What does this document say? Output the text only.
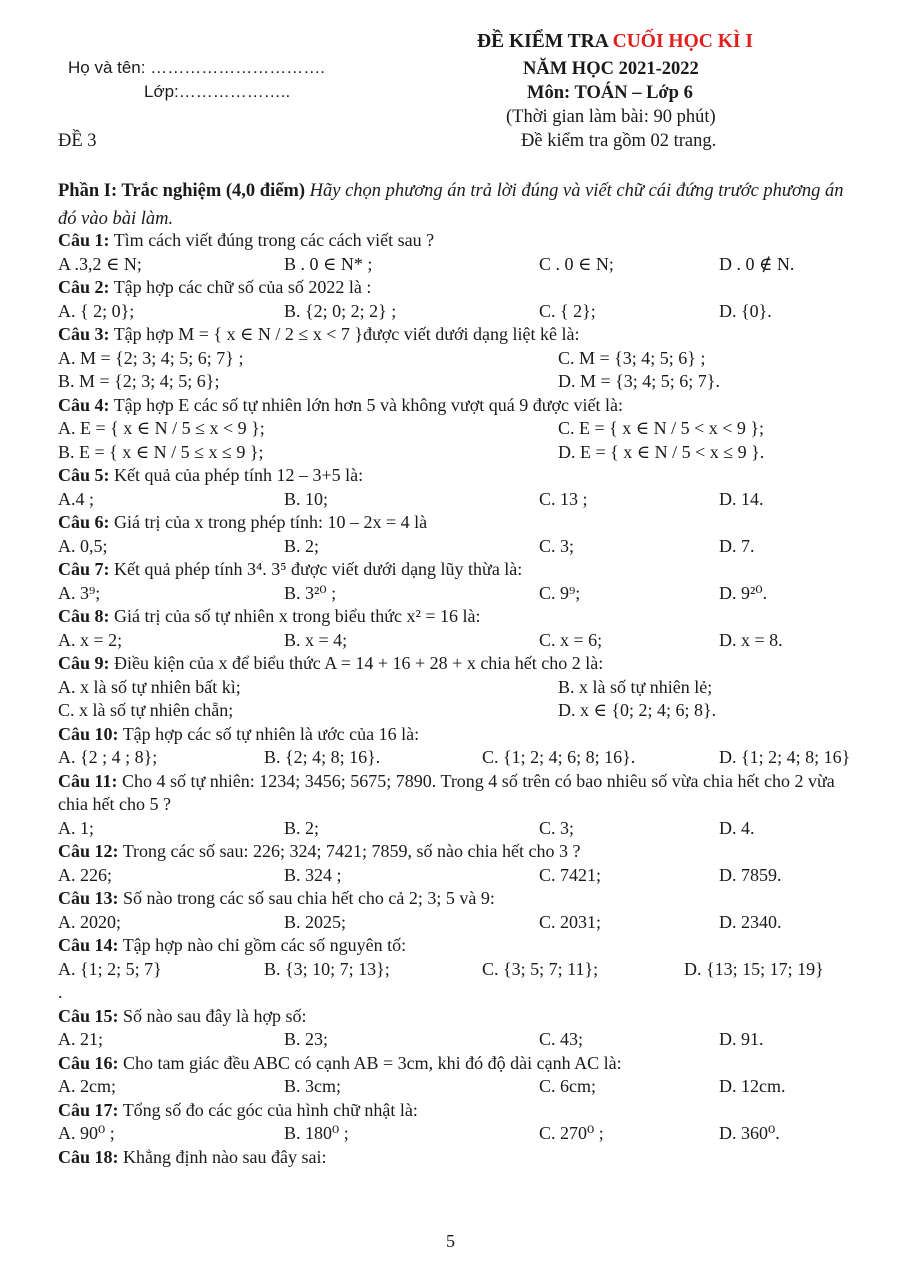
ĐỀ KIỂM TRA CUỐI HỌC KÌ I
NĂM HỌC 2021-2022
Môn: TOÁN – Lớp 6
(Thời gian làm bài: 90 phút)
Đề kiểm tra gồm 02 trang.
Họ và tên: ………………………….
Lớp:………………..
ĐỀ 3
Phần I: Trắc nghiệm (4,0 điểm) Hãy chọn phương án trả lời đúng và viết chữ cái đứng trước phương án đó vào bài làm.
Câu 1: Tìm cách viết đúng trong các cách viết sau ?
A .3,2 ∈ N;	B . 0 ∈ N* ;	C . 0 ∈ N;	D . 0 ∉ N.
Câu 2: Tập hợp các chữ số của số 2022 là :
A. { 2; 0};	B. {2; 0; 2; 2} ;	C. { 2};	D. {0}.
Câu 3: Tập hợp M = { x ∈ N / 2 ≤ x < 7 }được viết dưới dạng liệt kê là:
A. M = {2; 3; 4; 5; 6; 7} ;	C. M = {3; 4; 5; 6} ;
B. M = {2; 3; 4; 5; 6};	D. M = {3; 4; 5; 6; 7}.
Câu 4: Tập hợp E các số tự nhiên lớn hơn 5 và không vượt quá 9 được viết là:
A. E = { x ∈ N / 5 ≤ x < 9 };	C. E = { x ∈ N / 5 < x < 9 };
B. E = { x ∈ N / 5 ≤ x ≤ 9 };	D. E = { x ∈ N / 5 < x ≤ 9 }.
Câu 5: Kết quả của phép tính 12 – 3+5 là:
A.4 ;	B. 10;	C. 13 ;	D. 14.
Câu 6: Giá trị của x trong phép tính: 10 – 2x = 4 là
A. 0,5;	B. 2;	C. 3;	D. 7.
Câu 7: Kết quả phép tính 3⁴. 3⁵ được viết dưới dạng lũy thừa là:
A. 3⁹;	B. 3²⁰ ;	C. 9⁹;	D. 9²⁰.
Câu 8: Giá trị của số tự nhiên x trong biểu thức x² = 16 là:
A. x = 2;	B. x = 4;	C. x = 6;	D. x = 8.
Câu 9: Điều kiện của x để biểu thức A = 14 + 16 + 28 + x chia hết cho 2 là:
A. x là số tự nhiên bất kì;	B. x là số tự nhiên lẻ;
C. x là số tự nhiên chẵn;	D. x ∈ {0; 2; 4; 6; 8}.
Câu 10: Tập hợp các số tự nhiên là ước của 16 là:
A. {2 ; 4 ; 8};	B. {2; 4; 8; 16}.	C. {1; 2; 4; 6; 8; 16}.	D. {1; 2; 4; 8; 16}
Câu 11: Cho 4 số tự nhiên: 1234; 3456; 5675; 7890. Trong 4 số trên có bao nhiêu số vừa chia hết cho 2 vừa chia hết cho 5 ?
A. 1;	B. 2;	C. 3;	D. 4.
Câu 12: Trong các số sau: 226; 324; 7421; 7859, số nào chia hết cho 3 ?
A. 226;	B. 324 ;	C. 7421;	D. 7859.
Câu 13: Số nào trong các số sau chia hết cho cả 2; 3; 5 và 9:
A. 2020;	B. 2025;	C. 2031;	D. 2340.
Câu 14: Tập hợp nào chỉ gồm các số nguyên tố:
A. {1; 2; 5; 7}	B. {3; 10; 7; 13};	C. {3; 5; 7; 11};	D. {13; 15; 17; 19}
.
Câu 15: Số nào sau đây là hợp số:
A. 21;	B. 23;	C. 43;	D. 91.
Câu 16: Cho tam giác đều ABC có cạnh AB = 3cm, khi đó độ dài cạnh AC là:
A. 2cm;	B. 3cm;	C. 6cm;	D. 12cm.
Câu 17: Tổng số đo các góc của hình chữ nhật là:
A. 90⁰ ;	B. 180⁰ ;	C. 270⁰ ;	D. 360⁰.
Câu 18: Khẳng định nào sau đây sai:
5
